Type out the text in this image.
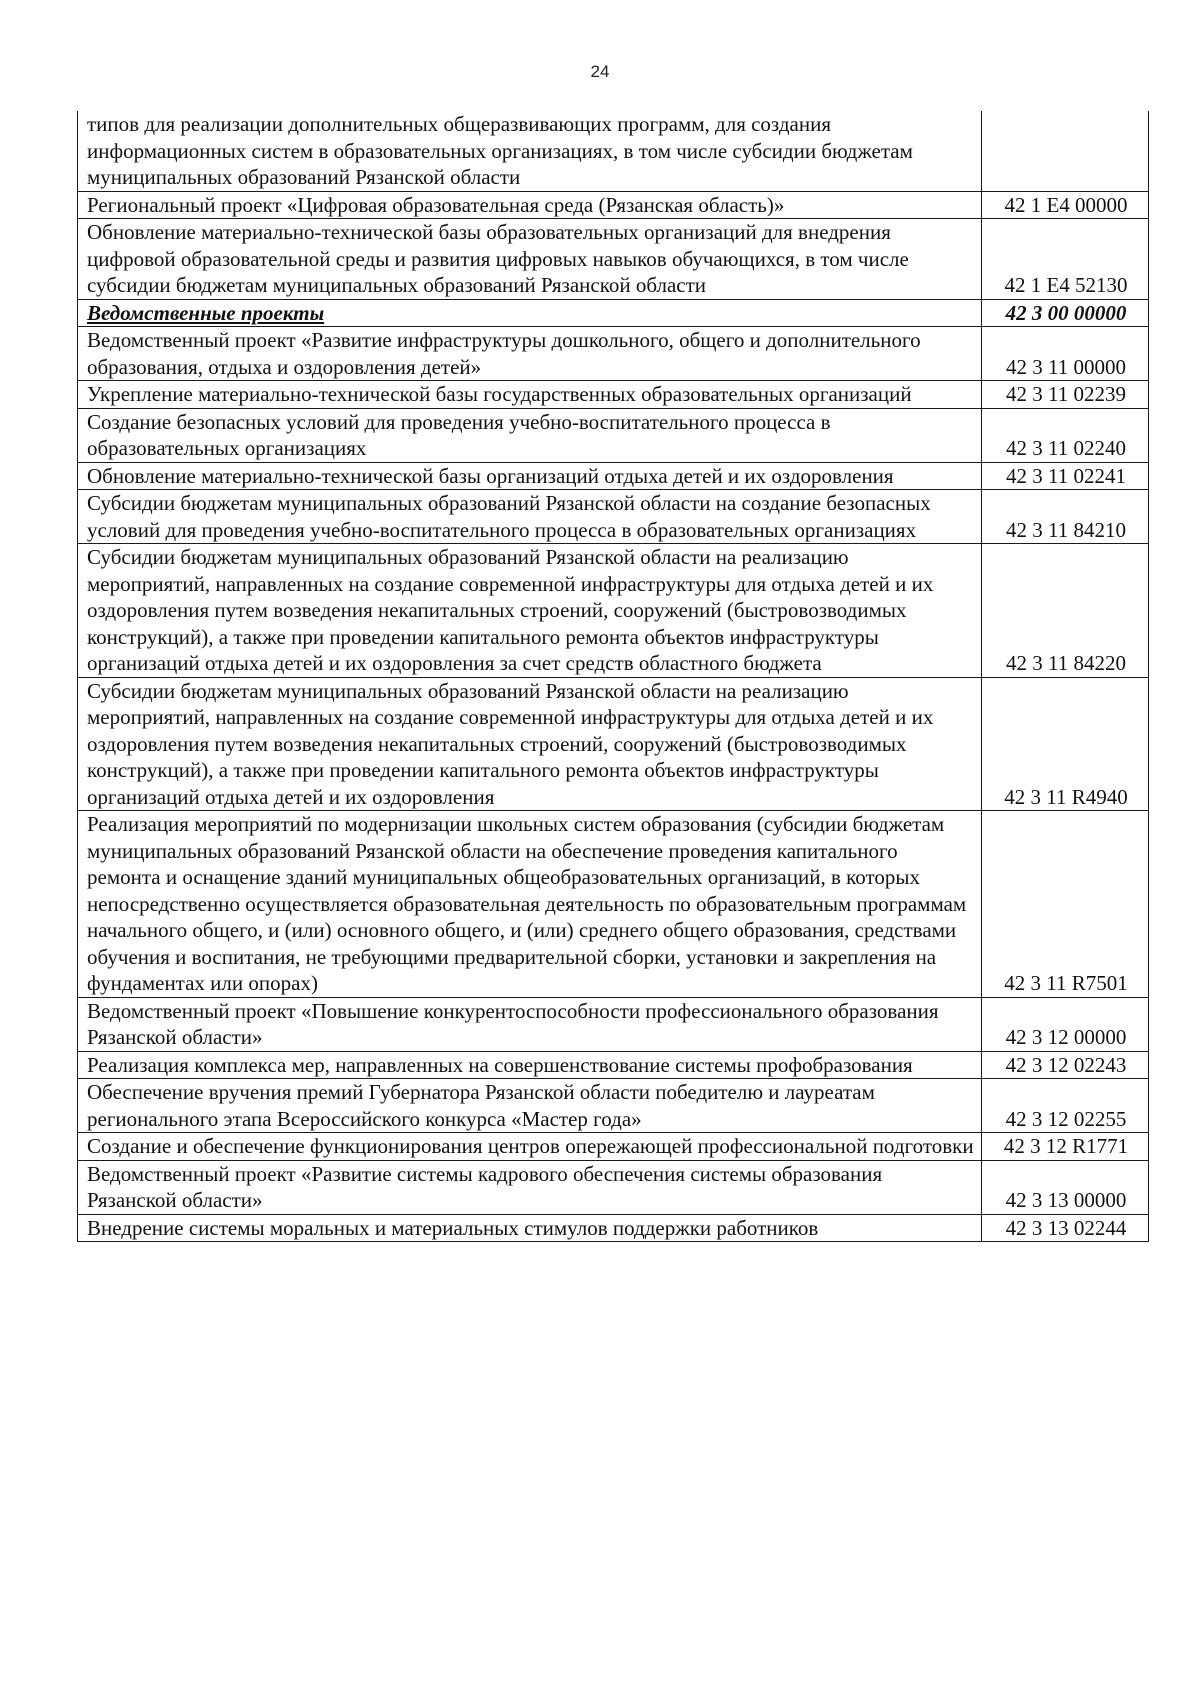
24
типов для реализации дополнительных общеразвивающих программ, для создания информационных систем в образовательных организациях, в том числе субсидии бюджетам муниципальных образований Рязанской области	
Региональный проект «Цифровая образовательная среда (Рязанская область)»	42 1 E4 00000
Обновление материально-технической базы образовательных организаций для внедрения цифровой образовательной среды и развития цифровых навыков обучающихся, в том числе субсидии бюджетам муниципальных образований Рязанской области	42 1 E4 52130
Ведомственные проекты	42 3 00 00000
Ведомственный проект «Развитие инфраструктуры дошкольного, общего и дополнительного образования, отдыха и оздоровления детей»	42 3 11 00000
Укрепление материально-технической базы государственных образовательных организаций	42 3 11 02239
Создание безопасных условий для проведения учебно-воспитательного процесса в образовательных организациях	42 3 11 02240
Обновление материально-технической базы организаций отдыха детей и их оздоровления	42 3 11 02241
Субсидии бюджетам муниципальных образований Рязанской области на создание безопасных условий для проведения учебно-воспитательного процесса в образовательных организациях	42 3 11 84210
Субсидии бюджетам муниципальных образований Рязанской области на реализацию мероприятий, направленных на создание современной инфраструктуры для отдыха детей и их оздоровления путем возведения некапитальных строений, сооружений (быстровозводимых конструкций), а также при проведении капитального ремонта объектов инфраструктуры организаций отдыха детей и их оздоровления за счет средств областного бюджета	42 3 11 84220
Субсидии бюджетам муниципальных образований Рязанской области на реализацию мероприятий, направленных на создание современной инфраструктуры для отдыха детей и их оздоровления путем возведения некапитальных строений, сооружений (быстровозводимых конструкций), а также при проведении капитального ремонта объектов инфраструктуры организаций отдыха детей и их оздоровления	42 3 11 R4940
Реализация мероприятий по модернизации школьных систем образования (субсидии бюджетам муниципальных образований Рязанской области на обеспечение проведения капитального ремонта и оснащение зданий муниципальных общеобразовательных организаций, в которых непосредственно осуществляется образовательная деятельность по образовательным программам начального общего, и (или) основного общего, и (или) среднего общего образования, средствами обучения и воспитания, не требующими предварительной сборки, установки и закрепления на фундаментах или опорах)	42 3 11 R7501
Ведомственный проект «Повышение конкурентоспособности профессионального образования Рязанской области»	42 3 12 00000
Реализация комплекса мер, направленных на совершенствование системы профобразования	42 3 12 02243
Обеспечение вручения премий Губернатора Рязанской области победителю и лауреатам регионального этапа Всероссийского конкурса «Мастер года»	42 3 12 02255
Создание и обеспечение функционирования центров опережающей профессиональной подготовки	42 3 12 R1771
Ведомственный проект «Развитие системы кадрового обеспечения системы образования Рязанской области»	42 3 13 00000
Внедрение системы моральных и материальных стимулов поддержки работников	42 3 13 02244
